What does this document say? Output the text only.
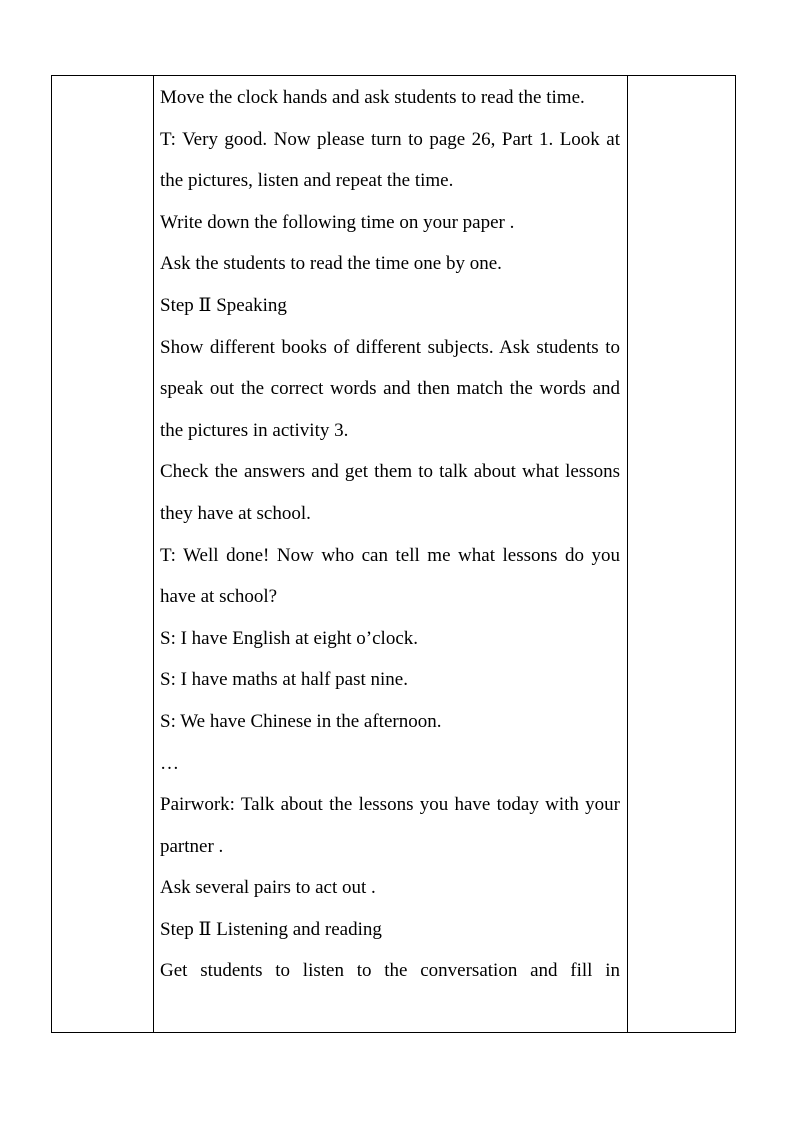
Move the clock hands and ask students to read the time.

T: Very good. Now please turn to page 26, Part 1. Look at the pictures, listen and repeat the time.

Write down the following time on your paper .

Ask the students to read the time one by one.

Step Ⅱ Speaking

Show different books of different subjects. Ask students to speak out the correct words and then match the words and the pictures in activity 3.

Check the answers and get them to talk about what lessons they have at school.

T: Well done! Now who can tell me what lessons do you have at school?

S: I have English at eight o’clock.

S: I have maths at half past nine.

S: We have Chinese in the afternoon.

…

Pairwork: Talk about the lessons you have today with your partner .

Ask several pairs to act out .

Step Ⅱ Listening and reading

Get students to listen to the conversation and fill in
